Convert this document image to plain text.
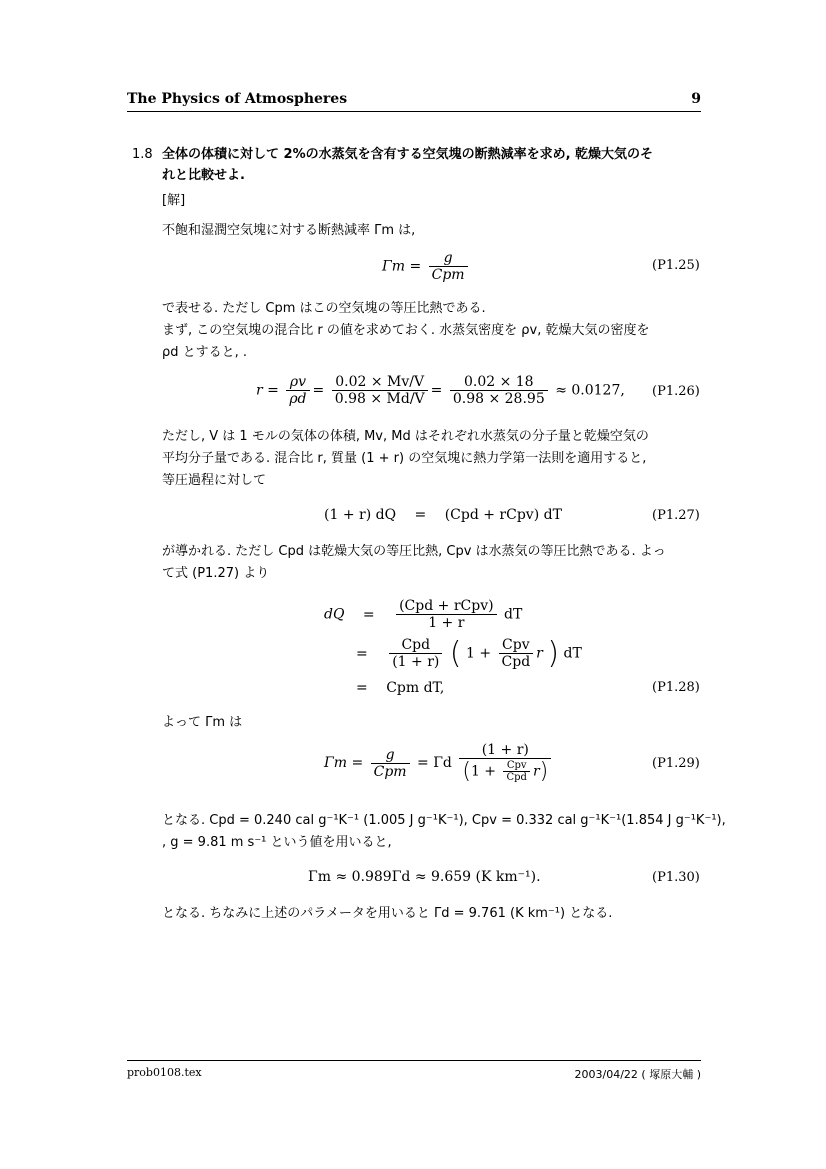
The Physics of Atmospheres	9
1.8 全体の体積に対して 2%の水蒸気を含有する空気塊の断熱減率を求め, 乾燥大気のそ
れと比較せよ.
[解]
不飽和湿潤空気塊に対する断熱減率 Γm は,
$\Gamma m = \frac{g}{\text{Cpm}}$	(P1.25)
で表せる. ただし Cpm はこの空気塊の等圧比熱である.
まず, この空気塊の混合比 r の値を求めておく. 水蒸気密度を ρv, 乾燥大気の密度を
ρd とすると, .
$r = \frac{\rho v}{\rho d} = \frac{0.02 \times Mv/V}{0.98 \times Md/V} = \frac{0.02 \times 18}{0.98 \times 28.95} \approx 0.0127$, (P1.26)
ただし, V は 1 モルの気体の体積, Mv, Md はそれぞれ水蒸気の分子量と乾燥空気の
平均分子量である. 混合比 r, 質量 (1 + r) の空気塊に熱力学第一法則を適用すると,
等圧過程に対して
(1 + r) dQ = (Cpd + rCpv) dT	(P1.27)
が導かれる. ただし Cpd は乾燥大気の等圧比熱, Cpv は水蒸気の等圧比熱である. よっ
て式 (P1.27) より
dQ = $\frac{\text{(Cpd + rCpv)}}{1 + r}$ dT
= $\frac{\text{Cpd}}{(1 + r)}$ ( $1 + \frac{\text{Cpv}}{\text{Cpd}}$ r ) dT
= Cpm dT,	(P1.28)
よって Γm は
$\Gamma m = \frac{g}{\text{Cpm}} = \Gamma d \frac{(1 + r)}{(1 + \frac{\text{Cpv}}{\text{Cpd}} r)}$	(P1.29)
となる. Cpd = 0.240 cal g⁻¹K⁻¹ (1.005 J g⁻¹K⁻¹), Cpv = 0.332 cal g⁻¹K⁻¹(1.854 J g⁻¹K⁻¹),
, g = 9.81 m s⁻¹ という値を用いると,
Γm ≈ 0.989Γd ≈ 9.659 (K km⁻¹).	(P1.30)
となる. ちなみに上述のパラメータを用いると Γd = 9.761 (K km⁻¹) となる.
prob0108.tex	2003/04/22 ( 塚原大輔 )
